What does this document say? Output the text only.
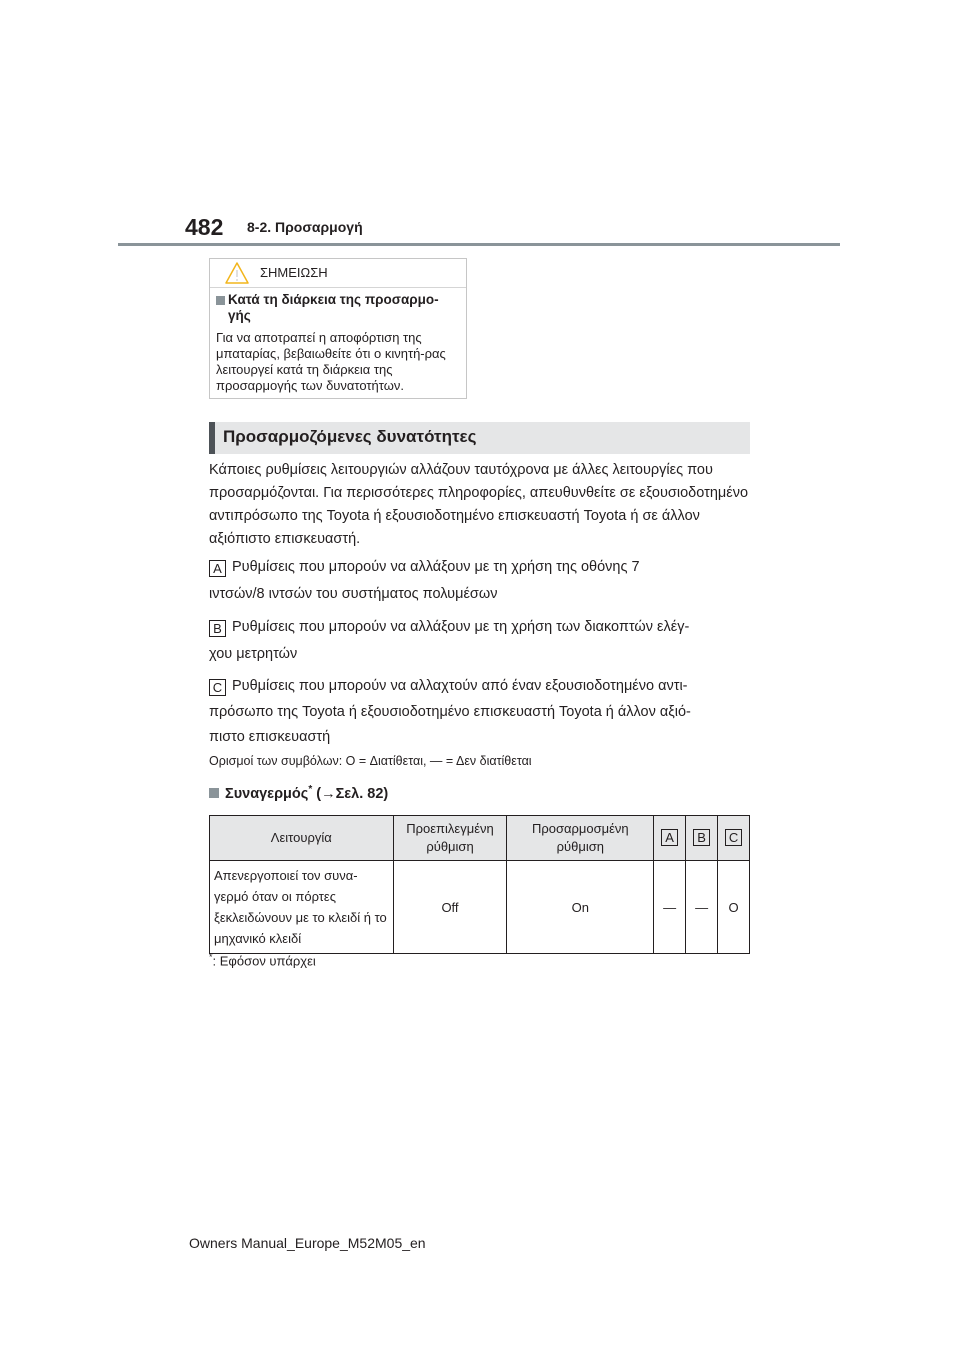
482 8-2. Προσαρμογή
ΣΗΜΕΙΩΣΗ
Κατά τη διάρκεια της προσαρμο-γής
Για να αποτραπεί η αποφόρτιση της μπαταρίας, βεβαιωθείτε ότι ο κινητή-ρας λειτουργεί κατά τη διάρκεια της προσαρμογής των δυνατοτήτων.
Προσαρμοζόμενες δυνατότητες
Κάποιες ρυθμίσεις λειτουργιών αλλάζουν ταυτόχρονα με άλλες λειτουργίες που προσαρμόζονται. Για περισσότερες πληροφορίες, απευθυνθείτε σε εξουσιοδοτημένο αντιπρόσωπο της Toyota ή εξουσιοδοτημένο επισκευαστή Toyota ή σε άλλον αξιόπιστο επισκευαστή.
A Ρυθμίσεις που μπορούν να αλλάξουν με τη χρήση της οθόνης 7
ιντσών/8 ιντσών του συστήματος πολυμέσων
B Ρυθμίσεις που μπορούν να αλλάξουν με τη χρήση των διακοπτών ελέγ-
χου μετρητών
C Ρυθμίσεις που μπορούν να αλλαχτούν από έναν εξουσιοδοτημένο αντι-
πρόσωπο της Toyota ή εξουσιοδοτημένο επισκευαστή Toyota ή άλλον αξιό-
πιστο επισκευαστή
Ορισμοί των συμβόλων: O = Διατίθεται, — = Δεν διατίθεται
Συναγερμός* (→Σελ. 82)
Λειτουργία	Προεπιλεγμένη ρύθμιση	Προσαρμοσμένη ρύθμιση	A	B	C
Απενεργοποιεί τον συνα-γερμό όταν οι πόρτες ξεκλειδώνουν με το κλειδί ή το μηχανικό κλειδί	Off	On	—	—	O
*: Εφόσον υπάρχει
Owners Manual_Europe_M52M05_en
